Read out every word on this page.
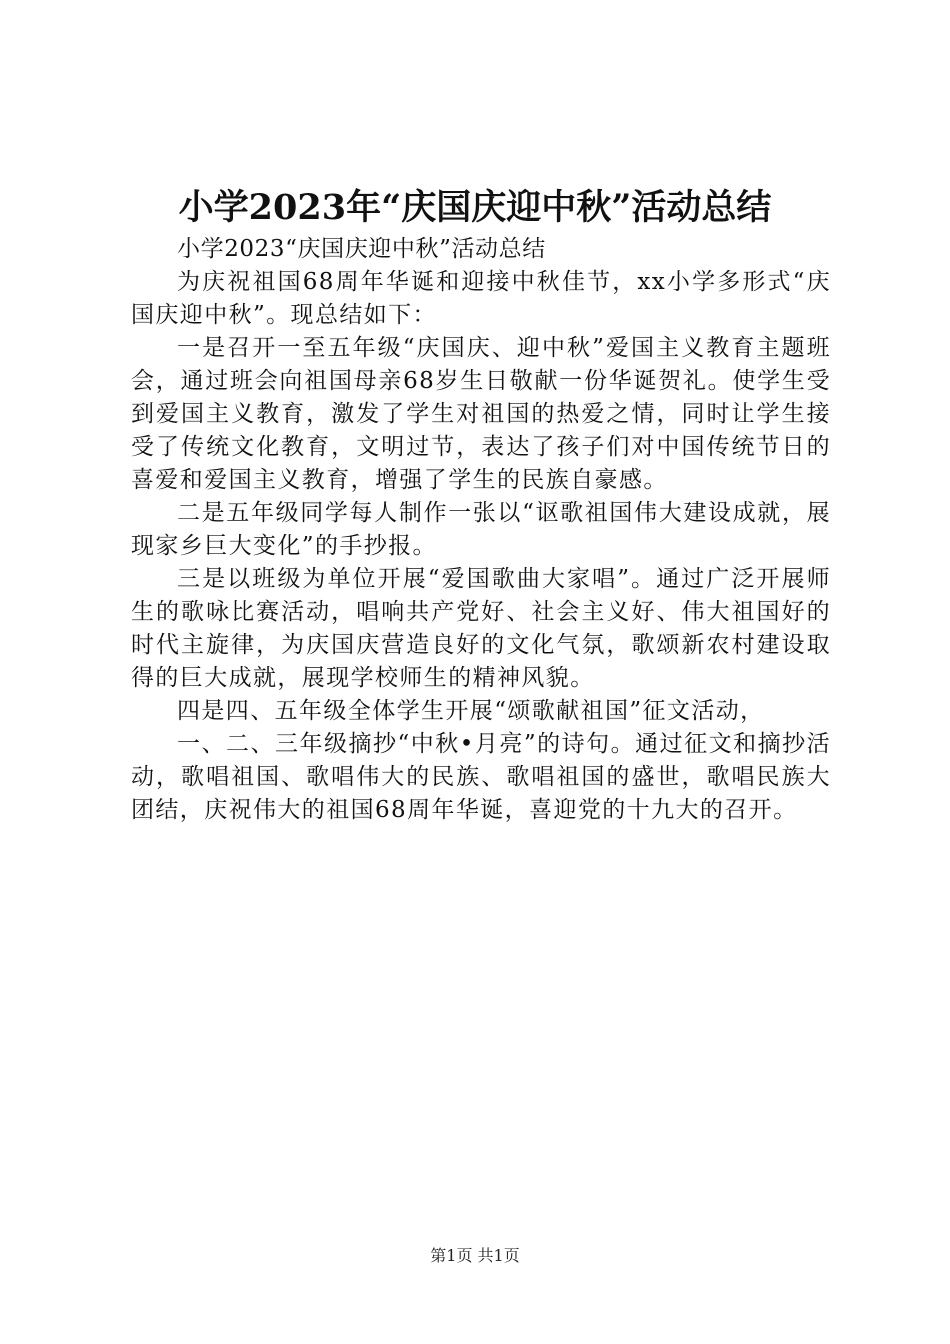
小学2023年“庆国庆迎中秋”活动总结

小学2023“庆国庆迎中秋”活动总结

为庆祝祖国68周年华诞和迎接中秋佳节，xx小学多形式“庆国庆迎中秋”。现总结如下：

一是召开一至五年级“庆国庆、迎中秋”爱国主义教育主题班会，通过班会向祖国母亲68岁生日敬献一份华诞贺礼。使学生受到爱国主义教育，激发了学生对祖国的热爱之情，同时让学生接受了传统文化教育，文明过节，表达了孩子们对中国传统节日的喜爱和爱国主义教育，增强了学生的民族自豪感。

二是五年级同学每人制作一张以“讴歌祖国伟大建设成就，展现家乡巨大变化”的手抄报。

三是以班级为单位开展“爱国歌曲大家唱”。通过广泛开展师生的歌咏比赛活动，唱响共产党好、社会主义好、伟大祖国好的时代主旋律，为庆国庆营造良好的文化气氛，歌颂新农村建设取得的巨大成就，展现学校师生的精神风貌。

四是四、五年级全体学生开展“颂歌献祖国”征文活动，

一、二、三年级摘抄“中秋•月亮”的诗句。通过征文和摘抄活动，歌唱祖国、歌唱伟大的民族、歌唱祖国的盛世，歌唱民族大团结，庆祝伟大的祖国68周年华诞，喜迎党的十九大的召开。

第1页 共1页
